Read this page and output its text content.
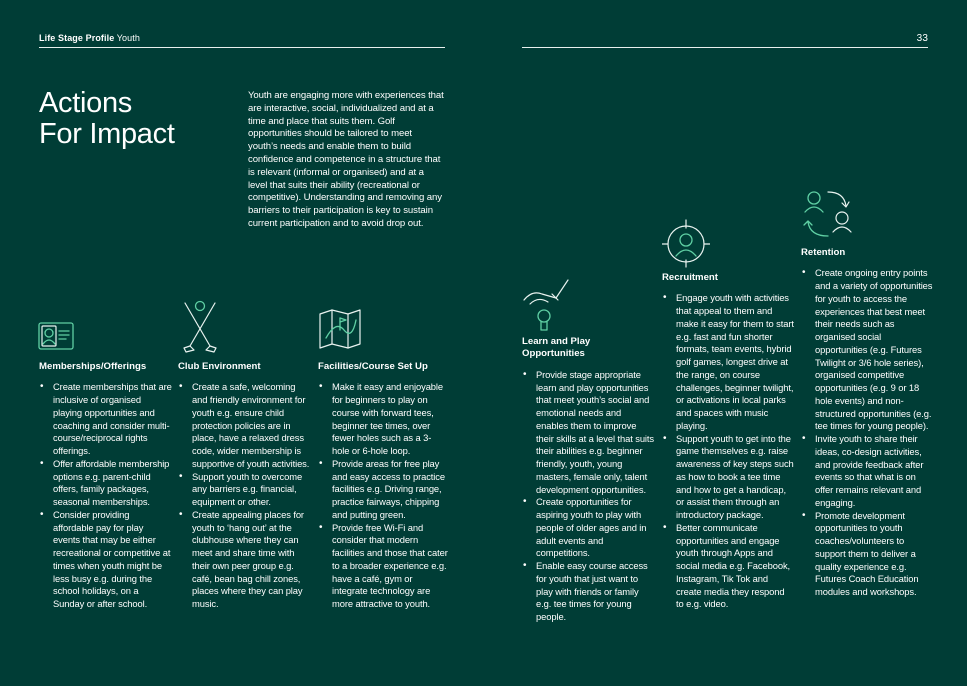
Life Stage Profile Youth	33
Actions
For Impact
Youth are engaging more with experiences that are interactive, social, individualized and at a time and place that suits them. Golf opportunities should be tailored to meet youth’s needs and enable them to build confidence and competence in a structure that is relevant (informal or organised) and at a level that suits their ability (recreational or competitive). Understanding and removing any barriers to their participation is key to sustain current participation and to avoid drop out.
Memberships/Offerings
• Create memberships that are inclusive of organised playing opportunities and coaching and consider multi-course/reciprocal rights offerings.
• Offer affordable membership options e.g. parent-child offers, family packages, seasonal memberships.
• Consider providing affordable pay for play events that may be either recreational or competitive at times when youth might be less busy e.g. during the school holidays, on a Sunday or after school.
Club Environment
• Create a safe, welcoming and friendly environment for youth e.g. ensure child protection policies are in place, have a relaxed dress code, wider membership is supportive of youth activities.
• Support youth to overcome any barriers e.g. financial, equipment or other.
• Create appealing places for youth to ‘hang out’ at the clubhouse where they can meet and share time with their own peer group e.g. café, bean bag chill zones, places where they can play music.
Facilities/Course Set Up
• Make it easy and enjoyable for beginners to play on course with forward tees, beginner tee times, over fewer holes such as a 3-hole or 6-hole loop.
• Provide areas for free play and easy access to practice facilities e.g. Driving range, practice fairways, chipping and putting green.
• Provide free Wi-Fi and consider that modern facilities and those that cater to a broader experience e.g. have a café, gym or integrate technology are more attractive to youth.
Learn and Play
Opportunities
• Provide stage appropriate learn and play opportunities that meet youth’s social and emotional needs and enables them to improve their skills at a level that suits their abilities e.g. beginner friendly, youth, young masters, female only, talent development opportunities.
• Create opportunities for aspiring youth to play with people of older ages and in adult events and competitions.
• Enable easy course access for youth that just want to play with friends or family e.g. tee times for young people.
Recruitment
• Engage youth with activities that appeal to them and make it easy for them to start e.g. fast and fun shorter formats, team events, hybrid golf games, longest drive at the range, on course challenges, beginner twilight, or activations in local parks and spaces with music playing.
• Support youth to get into the game themselves e.g. raise awareness of key steps such as how to book a tee time and how to get a handicap, or assist them through an introductory package.
• Better communicate opportunities and engage youth through Apps and social media e.g. Facebook, Instagram, Tik Tok and create media they respond to e.g. video.
Retention
• Create ongoing entry points and a variety of opportunities for youth to access the experiences that best meet their needs such as organised social opportunities (e.g. Futures Twilight or 3/6 hole series), organised competitive opportunities (e.g. 9 or 18 hole events) and non-structured opportunities (e.g. tee times for young people).
• Invite youth to share their ideas, co-design activities, and provide feedback after events so that what is on offer remains relevant and engaging.
• Promote development opportunities to youth coaches/volunteers to support them to deliver a quality experience e.g. Futures Coach Education modules and workshops.
